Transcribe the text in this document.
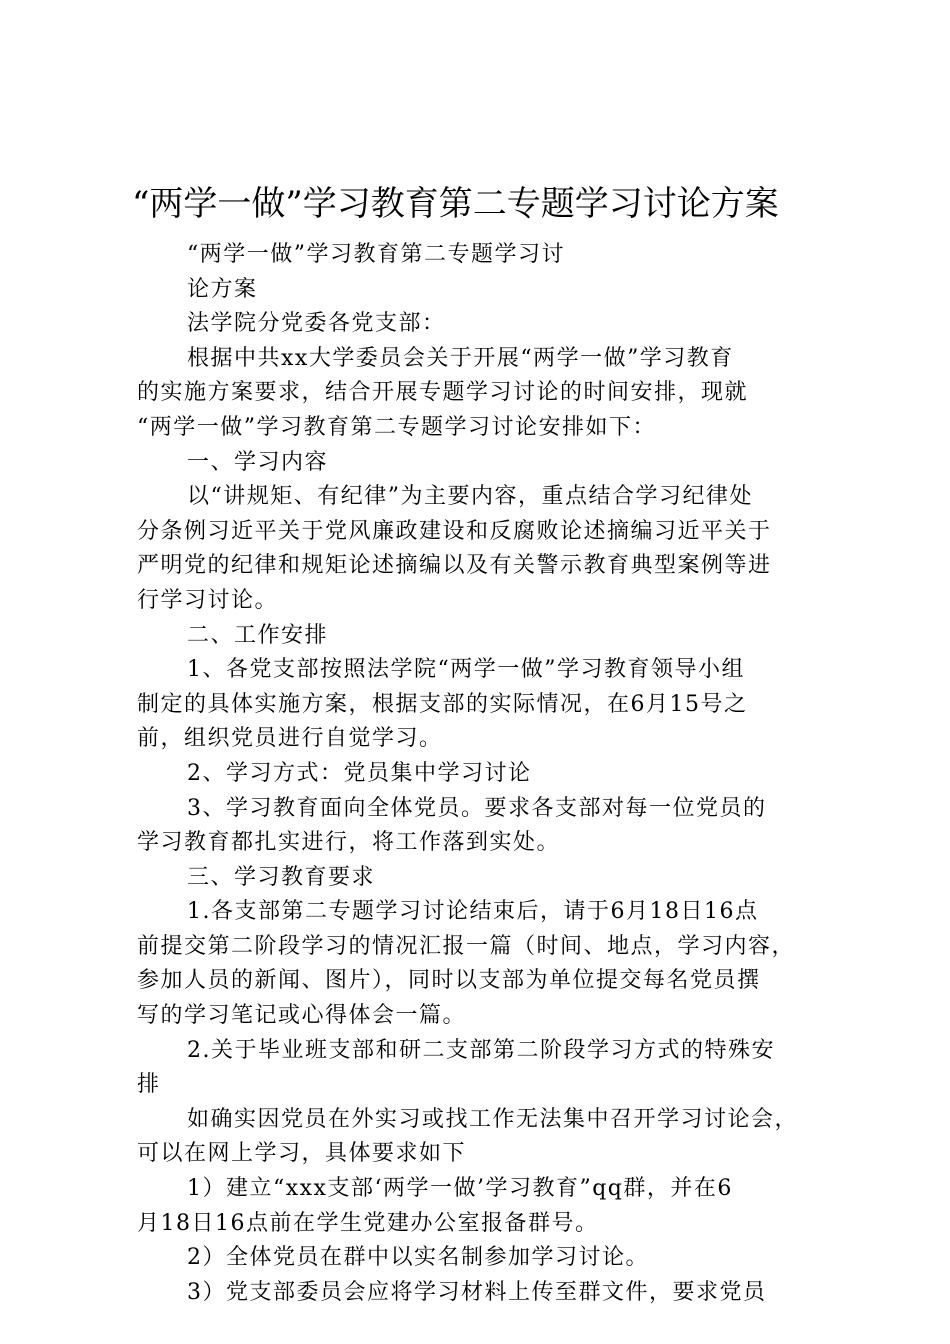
“两学一做”学习教育第二专题学习讨论方案
“两学一做”学习教育第二专题学习讨
论方案
法学院分党委各党支部：
根据中共xx大学委员会关于开展“两学一做”学习教育
的实施方案要求，结合开展专题学习讨论的时间安排，现就
“两学一做”学习教育第二专题学习讨论安排如下：
一、学习内容
以“讲规矩、有纪律”为主要内容，重点结合学习纪律处
分条例习近平关于党风廉政建设和反腐败论述摘编习近平关于
严明党的纪律和规矩论述摘编以及有关警示教育典型案例等进
行学习讨论。
二、工作安排
1、各党支部按照法学院“两学一做”学习教育领导小组
制定的具体实施方案，根据支部的实际情况，在6月15号之
前，组织党员进行自觉学习。
2、学习方式：党员集中学习讨论
3、学习教育面向全体党员。要求各支部对每一位党员的
学习教育都扎实进行，将工作落到实处。
三、学习教育要求
1.各支部第二专题学习讨论结束后，请于6月18日16点
前提交第二阶段学习的情况汇报一篇（时间、地点，学习内容，
参加人员的新闻、图片），同时以支部为单位提交每名党员撰
写的学习笔记或心得体会一篇。
2.关于毕业班支部和研二支部第二阶段学习方式的特殊安
排
如确实因党员在外实习或找工作无法集中召开学习讨论会，
可以在网上学习，具体要求如下
1）建立“xxx支部‘两学一做’学习教育”qq群，并在6
月18日16点前在学生党建办公室报备群号。
2）全体党员在群中以实名制参加学习讨论。
3）党支部委员会应将学习材料上传至群文件，要求党员
